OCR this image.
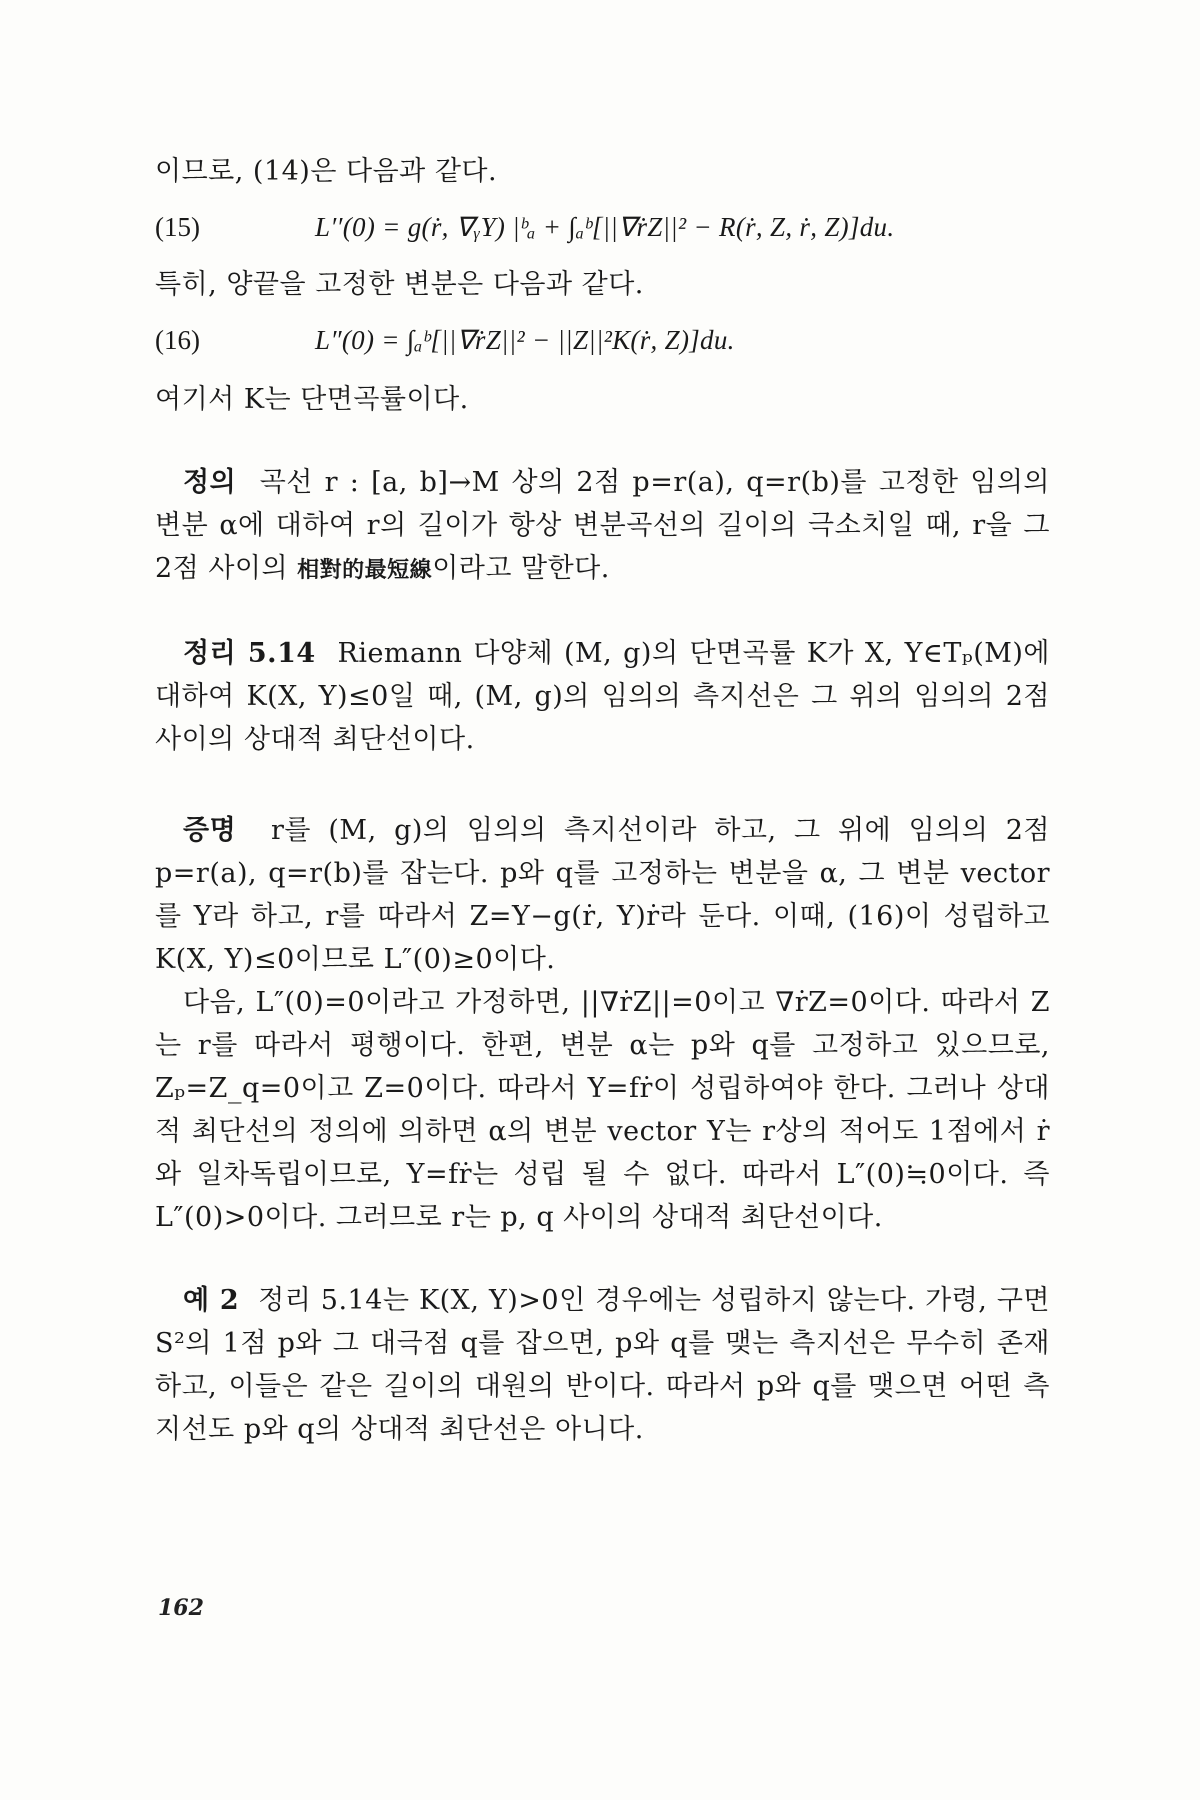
이므로, (14)은 다음과 같다.

(15)	L′′(0) = g(ṙ, ∇ᵧY) |ᵇₐ + ∫ₐᵇ[||∇ṙZ||² − R(ṙ, Z, ṙ, Z)]du.

특히, 양끝을 고정한 변분은 다음과 같다.

(16)	L″(0) = ∫ₐᵇ[||∇ṙZ||² − ||Z||²K(ṙ, Z)]du.

여기서 K는 단면곡률이다.

정의 곡선 r : [a, b]→M 상의 2점 p=r(a), q=r(b)를 고정한 임의의 변분 α에 대하여 r의 길이가 항상 변분곡선의 길이의 극소치일 때, r을 그 2점 사이의 相對的最短線이라고 말한다.

정리 5.14 Riemann 다양체 (M, g)의 단면곡률 K가 X, Y∈Tₚ(M)에 대하여 K(X, Y)≤0일 때, (M, g)의 임의의 측지선은 그 위의 임의의 2점 사이의 상대적 최단선이다.

증명 r를 (M, g)의 임의의 측지선이라 하고, 그 위에 임의의 2점 p=r(a), q=r(b)를 잡는다. p와 q를 고정하는 변분을 α, 그 변분 vector를 Y라 하고, r를 따라서 Z=Y−g(ṙ, Y)ṙ라 둔다. 이때, (16)이 성립하고 K(X, Y)≤0이므로 L″(0)≥0이다.

다음, L″(0)=0이라고 가정하면, ||∇ṙZ||=0이고 ∇ṙZ=0이다. 따라서 Z는 r를 따라서 평행이다. 한편, 변분 α는 p와 q를 고정하고 있으므로, Zₚ=Z_q=0이고 Z=0이다. 따라서 Y=fṙ이 성립하여야 한다. 그러나 상대적 최단선의 정의에 의하면 α의 변분 vector Y는 r상의 적어도 1점에서 ṙ와 일차독립이므로, Y=fṙ는 성립 될 수 없다. 따라서 L″(0)≒0이다. 즉 L″(0)>0이다. 그러므로 r는 p, q 사이의 상대적 최단선이다.

예 2 정리 5.14는 K(X, Y)>0인 경우에는 성립하지 않는다. 가령, 구면 S²의 1점 p와 그 대극점 q를 잡으면, p와 q를 맺는 측지선은 무수히 존재하고, 이들은 같은 길이의 대원의 반이다. 따라서 p와 q를 맺으면 어떤 측지선도 p와 q의 상대적 최단선은 아니다.

162
